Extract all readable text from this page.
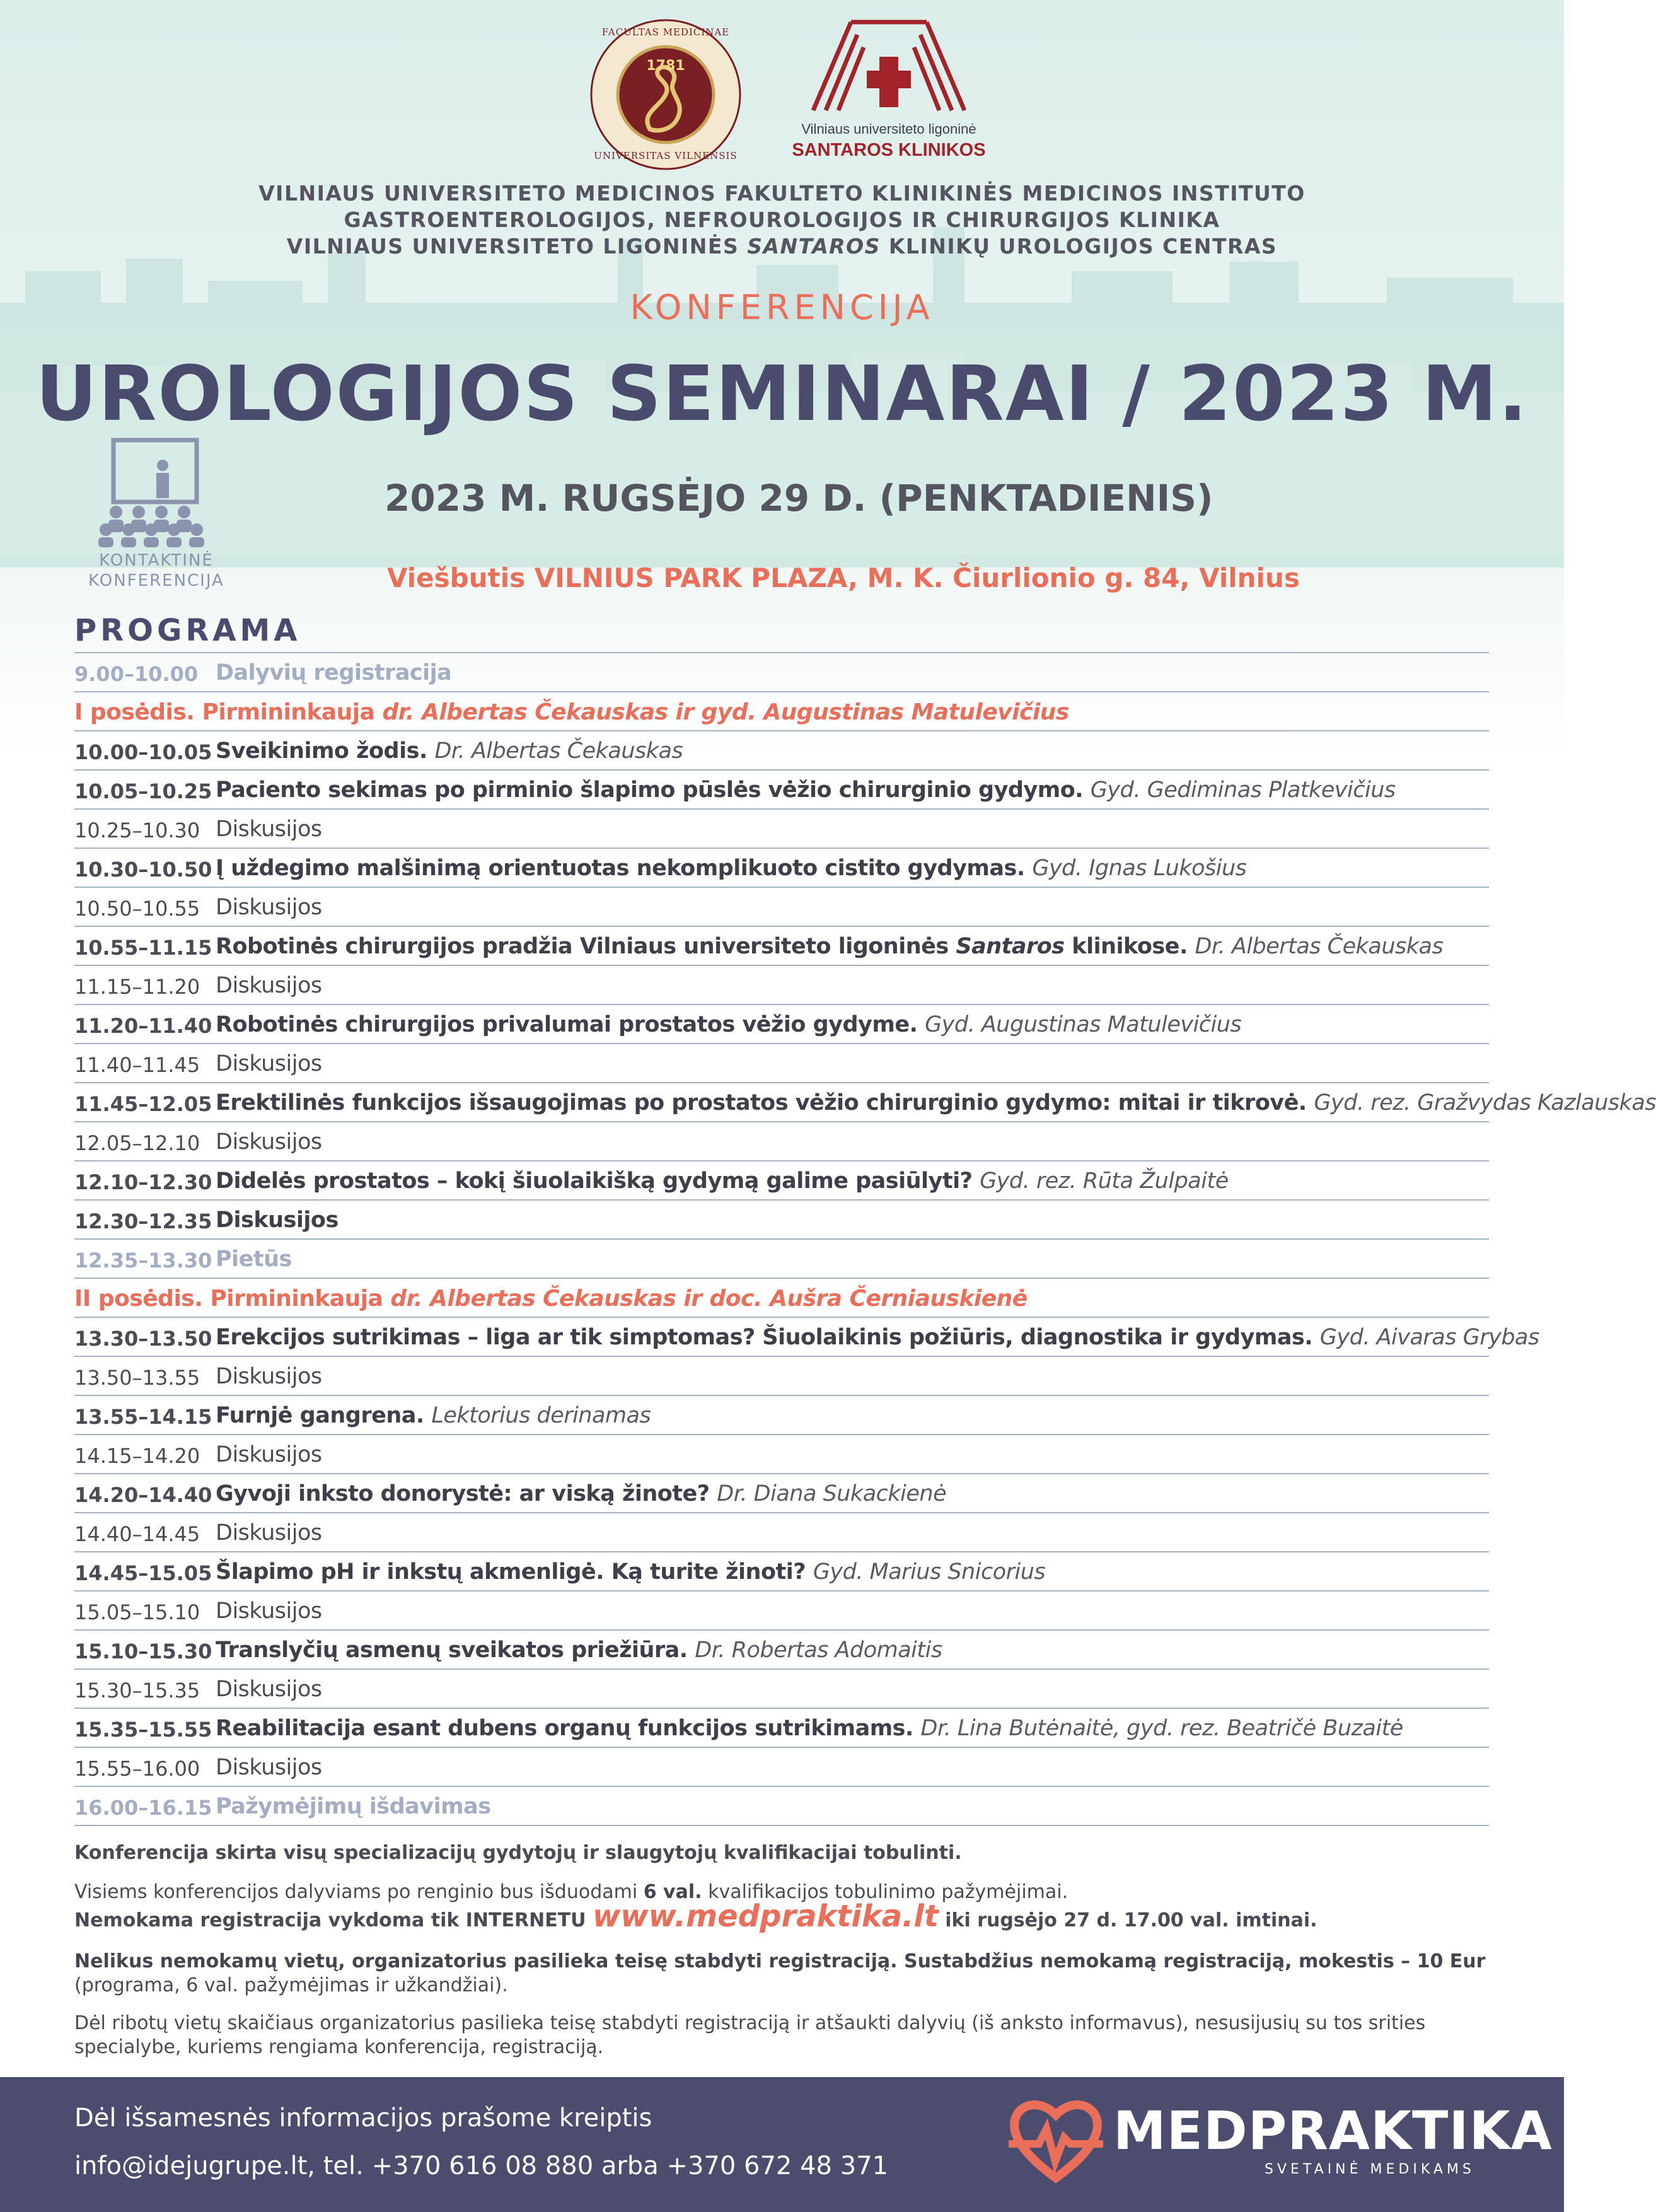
1781
FACULTAS MEDICINAE
UNIVERSITAS VILNENSIS
Vilniaus universiteto ligoninė
SANTAROS KLINIKOS
VILNIAUS UNIVERSITETO MEDICINOS FAKULTETO KLINIKINĖS MEDICINOS INSTITUTO
GASTROENTEROLOGIJOS, NEFROUROLOGIJOS IR CHIRURGIJOS KLINIKA
VILNIAUS UNIVERSITETO LIGONINĖS SANTAROS KLINIKŲ UROLOGIJOS CENTRAS
KONFERENCIJA
UROLOGIJOS SEMINARAI / 2023 M.
KONTAKTINĖ
KONFERENCIJA
2023 M. RUGSĖJO 29 D. (PENKTADIENIS)
Viešbutis VILNIUS PARK PLAZA, M. K. Čiurlionio g. 84, Vilnius
PROGRAMA
9.00–10.00 Dalyvių registracija
I posėdis. Pirmininkauja dr. Albertas Čekauskas ir gyd. Augustinas Matulevičius
10.00–10.05 Sveikinimo žodis. Dr. Albertas Čekauskas
10.05–10.25 Paciento sekimas po pirminio šlapimo pūslės vėžio chirurginio gydymo. Gyd. Gediminas Platkevičius
10.25–10.30 Diskusijos
10.30–10.50 Į uždegimo malšinimą orientuotas nekomplikuoto cistito gydymas. Gyd. Ignas Lukošius
10.50–10.55 Diskusijos
10.55–11.15 Robotinės chirurgijos pradžia Vilniaus universiteto ligoninės Santaros klinikose. Dr. Albertas Čekauskas
11.15–11.20 Diskusijos
11.20–11.40 Robotinės chirurgijos privalumai prostatos vėžio gydyme. Gyd. Augustinas Matulevičius
11.40–11.45 Diskusijos
11.45–12.05 Erektilinės funkcijos išsaugojimas po prostatos vėžio chirurginio gydymo: mitai ir tikrovė. Gyd. rez. Gražvydas Kazlauskas
12.05–12.10 Diskusijos
12.10–12.30 Didelės prostatos – kokį šiuolaikišką gydymą galime pasiūlyti? Gyd. rez. Rūta Žulpaitė
12.30–12.35 Diskusijos
12.35–13.30 Pietūs
II posėdis. Pirmininkauja dr. Albertas Čekauskas ir doc. Aušra Černiauskienė
13.30–13.50 Erekcijos sutrikimas – liga ar tik simptomas? Šiuolaikinis požiūris, diagnostika ir gydymas. Gyd. Aivaras Grybas
13.50–13.55 Diskusijos
13.55–14.15 Furnjė gangrena. Lektorius derinamas
14.15–14.20 Diskusijos
14.20–14.40 Gyvoji inksto donorystė: ar viską žinote? Dr. Diana Sukackienė
14.40–14.45 Diskusijos
14.45–15.05 Šlapimo pH ir inkstų akmenligė. Ką turite žinoti? Gyd. Marius Snicorius
15.05–15.10 Diskusijos
15.10–15.30 Translyčių asmenų sveikatos priežiūra. Dr. Robertas Adomaitis
15.30–15.35 Diskusijos
15.35–15.55 Reabilitacija esant dubens organų funkcijos sutrikimams. Dr. Lina Butėnaitė, gyd. rez. Beatričė Buzaitė
15.55–16.00 Diskusijos
16.00–16.15 Pažymėjimų išdavimas
Konferencija skirta visų specializacijų gydytojų ir slaugytojų kvalifikacijai tobulinti.
Visiems konferencijos dalyviams po renginio bus išduodami 6 val. kvalifikacijos tobulinimo pažymėjimai.
Nemokama registracija vykdoma tik INTERNETU www.medpraktika.lt iki rugsėjo 27 d. 17.00 val. imtinai.
Nelikus nemokamų vietų, organizatorius pasilieka teisę stabdyti registraciją. Sustabdžius nemokamą registraciją, mokestis – 10 Eur
(programa, 6 val. pažymėjimas ir užkandžiai).
Dėl ribotų vietų skaičiaus organizatorius pasilieka teisę stabdyti registraciją ir atšaukti dalyvių (iš anksto informavus), nesusijusių su tos srities specialybe, kuriems rengiama konferencija, registraciją.
Dėl išsamesnės informacijos prašome kreiptis
info@idejugrupe.lt, tel. +370 616 08 880 arba +370 672 48 371
MEDPRAKTIKA
SVETAINĖ MEDIKAMS
